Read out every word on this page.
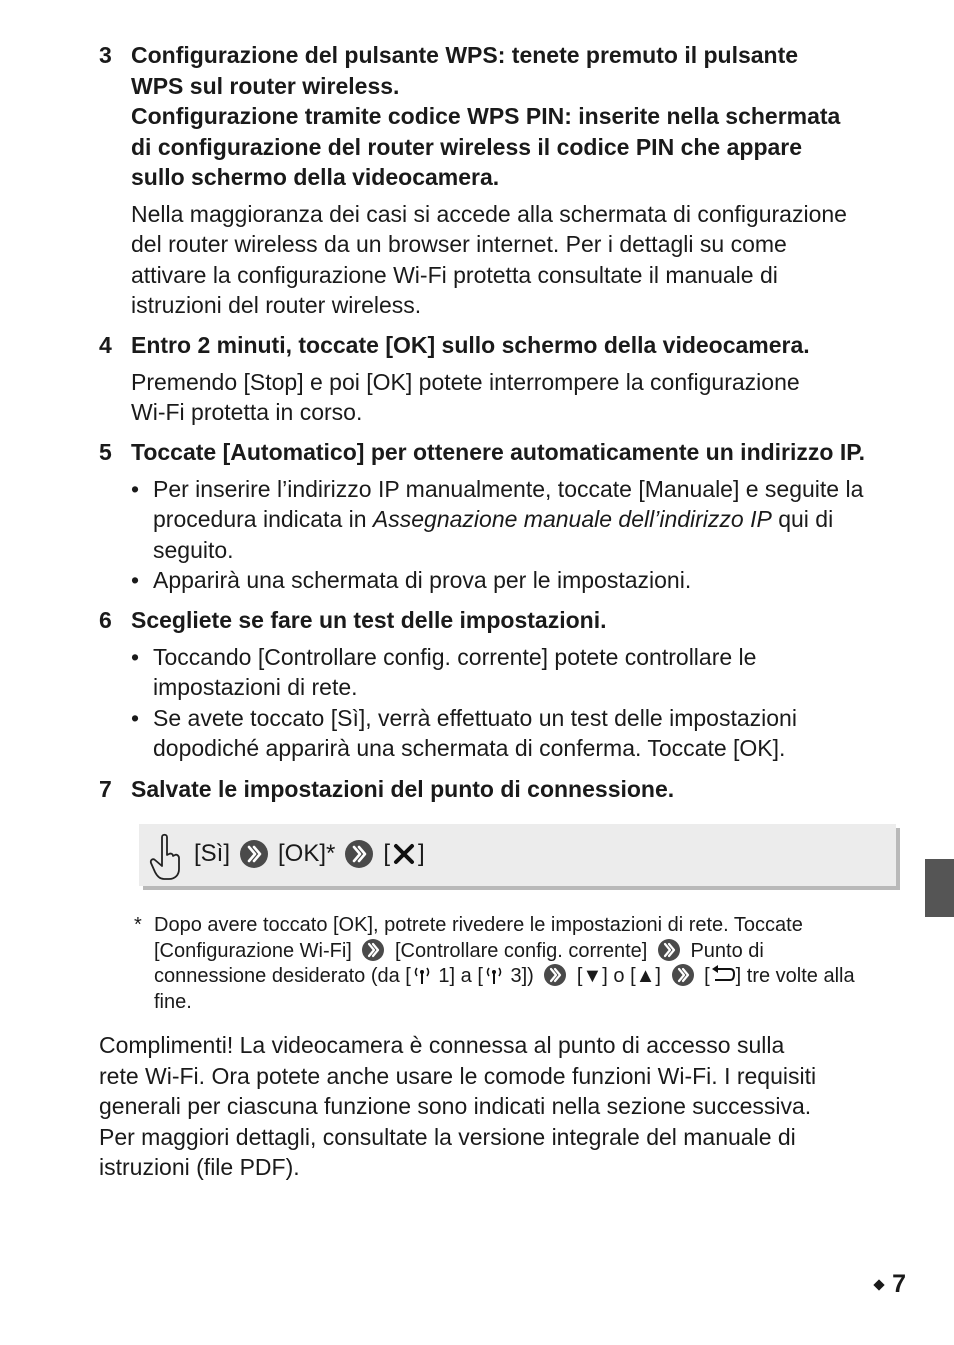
3 Configurazione del pulsante WPS: tenete premuto il pulsante
WPS sul router wireless.
Configurazione tramite codice WPS PIN: inserite nella schermata
di configurazione del router wireless il codice PIN che appare
sullo schermo della videocamera.
Nella maggioranza dei casi si accede alla schermata di configurazione
del router wireless da un browser internet. Per i dettagli su come
attivare la configurazione Wi-Fi protetta consultate il manuale di
istruzioni del router wireless.
4 Entro 2 minuti, toccate [OK] sullo schermo della videocamera.
Premendo [Stop] e poi [OK] potete interrompere la configurazione
Wi-Fi protetta in corso.
5 Toccate [Automatico] per ottenere automaticamente un indirizzo IP.
• Per inserire l’indirizzo IP manualmente, toccate [Manuale] e seguite la
procedura indicata in Assegnazione manuale dell’indirizzo IP qui di
seguito.
• Apparirà una schermata di prova per le impostazioni.
6 Scegliete se fare un test delle impostazioni.
• Toccando [Controllare config. corrente] potete controllare le
impostazioni di rete.
• Se avete toccato [Sì], verrà effettuato un test delle impostazioni
dopodiché apparirà una schermata di conferma. Toccate [OK].
7 Salvate le impostazioni del punto di connessione.
[Sì] [OK]* [ ]
* Dopo avere toccato [OK], potrete rivedere le impostazioni di rete. Toccate
[Configurazione Wi-Fi] [Controllare config. corrente] Punto di
connessione desiderato (da [ 1] a [ 3]) [▼] o [▲] [ ] tre volte alla
fine.
Complimenti! La videocamera è connessa al punto di accesso sulla
rete Wi-Fi. Ora potete anche usare le comode funzioni Wi-Fi. I requisiti
generali per ciascuna funzione sono indicati nella sezione successiva.
Per maggiori dettagli, consultate la versione integrale del manuale di
istruzioni (file PDF).
7
